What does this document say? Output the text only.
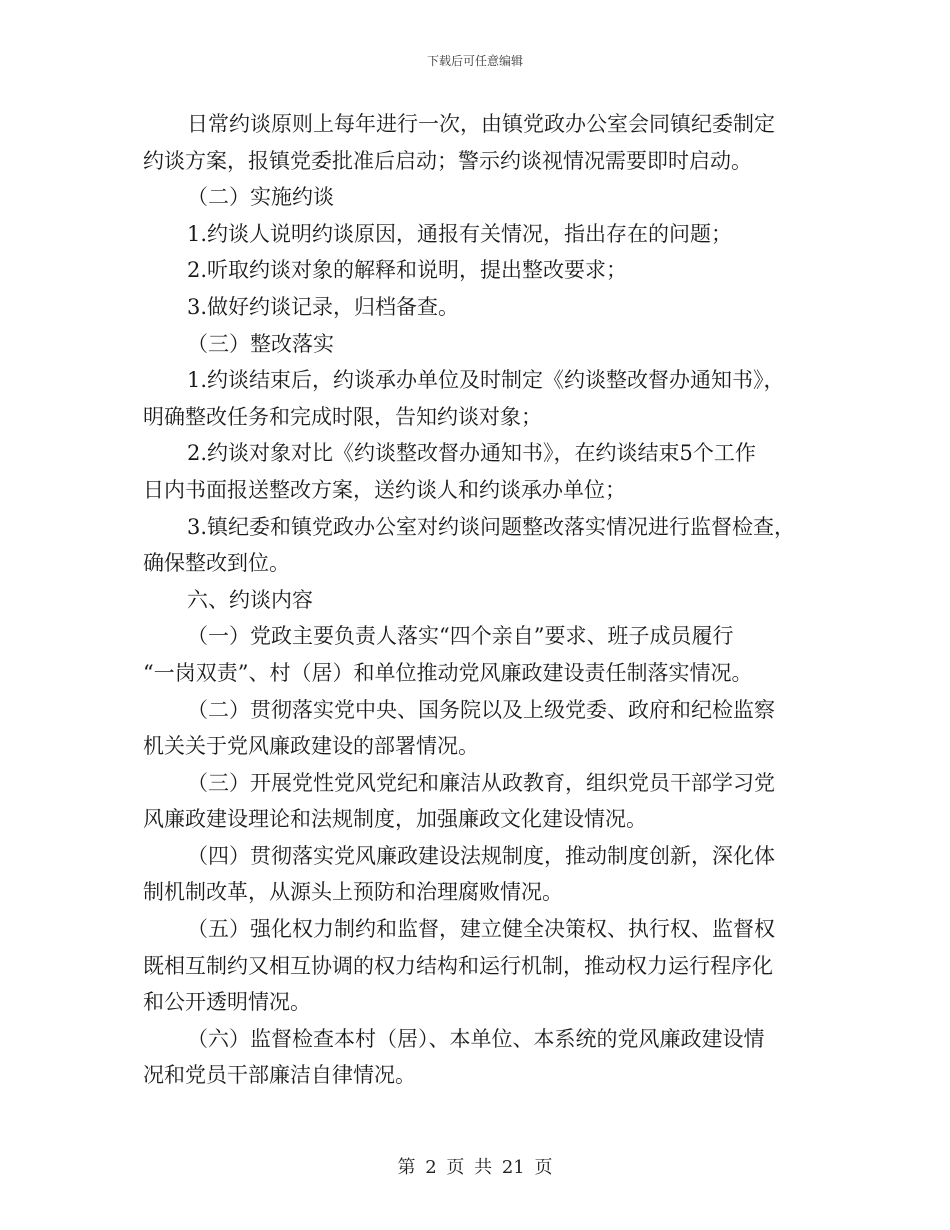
下载后可任意编辑
日常约谈原则上每年进行一次，由镇党政办公室会同镇纪委制定
约谈方案，报镇党委批准后启动；警示约谈视情况需要即时启动。
（二）实施约谈
1.约谈人说明约谈原因，通报有关情况，指出存在的问题；
2.听取约谈对象的解释和说明，提出整改要求；
3.做好约谈记录，归档备查。
（三）整改落实
1.约谈结束后，约谈承办单位及时制定《约谈整改督办通知书》，
明确整改任务和完成时限，告知约谈对象；
2.约谈对象对比《约谈整改督办通知书》，在约谈结束5个工作
日内书面报送整改方案，送约谈人和约谈承办单位；
3.镇纪委和镇党政办公室对约谈问题整改落实情况进行监督检查，
确保整改到位。
六、约谈内容
（一）党政主要负责人落实“四个亲自”要求、班子成员履行
“一岗双责”、村（居）和单位推动党风廉政建设责任制落实情况。
（二）贯彻落实党中央、国务院以及上级党委、政府和纪检监察
机关关于党风廉政建设的部署情况。
（三）开展党性党风党纪和廉洁从政教育，组织党员干部学习党
风廉政建设理论和法规制度，加强廉政文化建设情况。
（四）贯彻落实党风廉政建设法规制度，推动制度创新，深化体
制机制改革，从源头上预防和治理腐败情况。
（五）强化权力制约和监督，建立健全决策权、执行权、监督权
既相互制约又相互协调的权力结构和运行机制，推动权力运行程序化
和公开透明情况。
（六）监督检查本村（居）、本单位、本系统的党风廉政建设情
况和党员干部廉洁自律情况。
第 2 页 共 21 页
